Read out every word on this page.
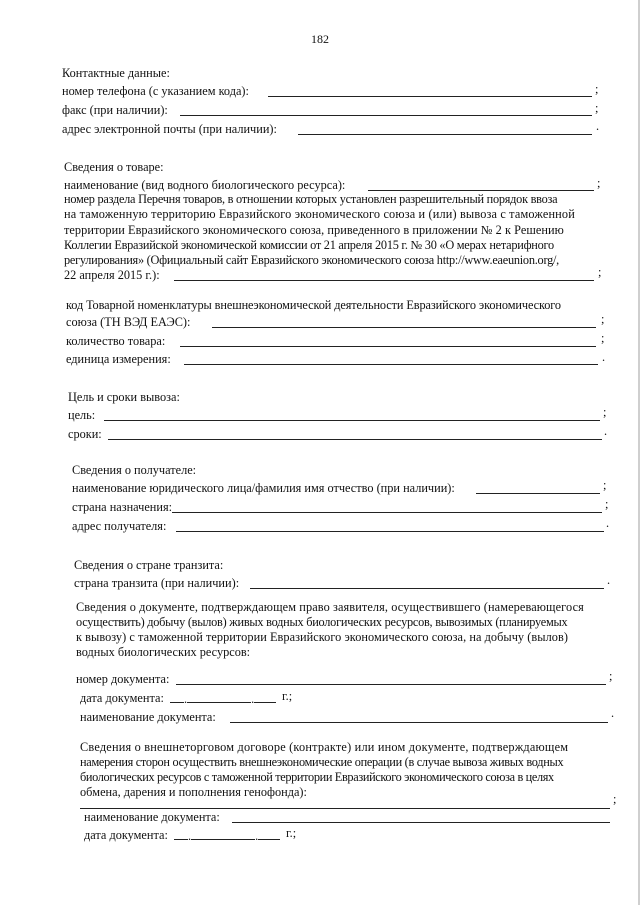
182
Контактные данные:
номер телефона (с указанием кода):	;
факс (при наличии):	;
адрес электронной почты (при наличии):	.
Сведения о товаре:
наименование (вид водного биологического ресурса):	;
номер раздела Перечня товаров, в отношении которых установлен разрешительный порядок ввоза
на таможенную территорию Евразийского экономического союза и (или) вывоза с таможенной
территории Евразийского экономического союза, приведенного в приложении № 2 к Решению
Коллегии Евразийской экономической комиссии от 21 апреля 2015 г. № 30 «О мерах нетарифного
регулирования» (Официальный сайт Евразийского экономического союза http://www.eaeunion.org/,
22 апреля 2015 г.):	;
код Товарной номенклатуры внешнеэкономической деятельности Евразийского экономического
союза (ТН ВЭД ЕАЭС):	;
количество товара:	;
единица измерения:	.
Цель и сроки вывоза:
цель:	;
сроки:	.
Сведения о получателе:
наименование юридического лица/фамилия имя отчество (при наличии):	;
страна назначения:	;
адрес получателя:	.
Сведения о стране транзита:
страна транзита (при наличии):	.
Сведения о документе, подтверждающем право заявителя, осуществившего (намеревающегося
осуществить) добычу (вылов) живых водных биологических ресурсов, вывозимых (планируемых
к вывозу) с таможенной территории Евразийского экономического союза, на добычу (вылов)
водных биологических ресурсов:
номер документа:	;
дата документа:	.	.	г.;
наименование документа:	.
Сведения о внешнеторговом договоре (контракте) или ином документе, подтверждающем
намерения сторон осуществить внешнеэкономические операции (в случае вывоза живых водных
биологических ресурсов с таможенной территории Евразийского экономического союза в целях
обмена, дарения и пополнения генофонда):	;
наименование документа:
дата документа:	.	.	г.;
